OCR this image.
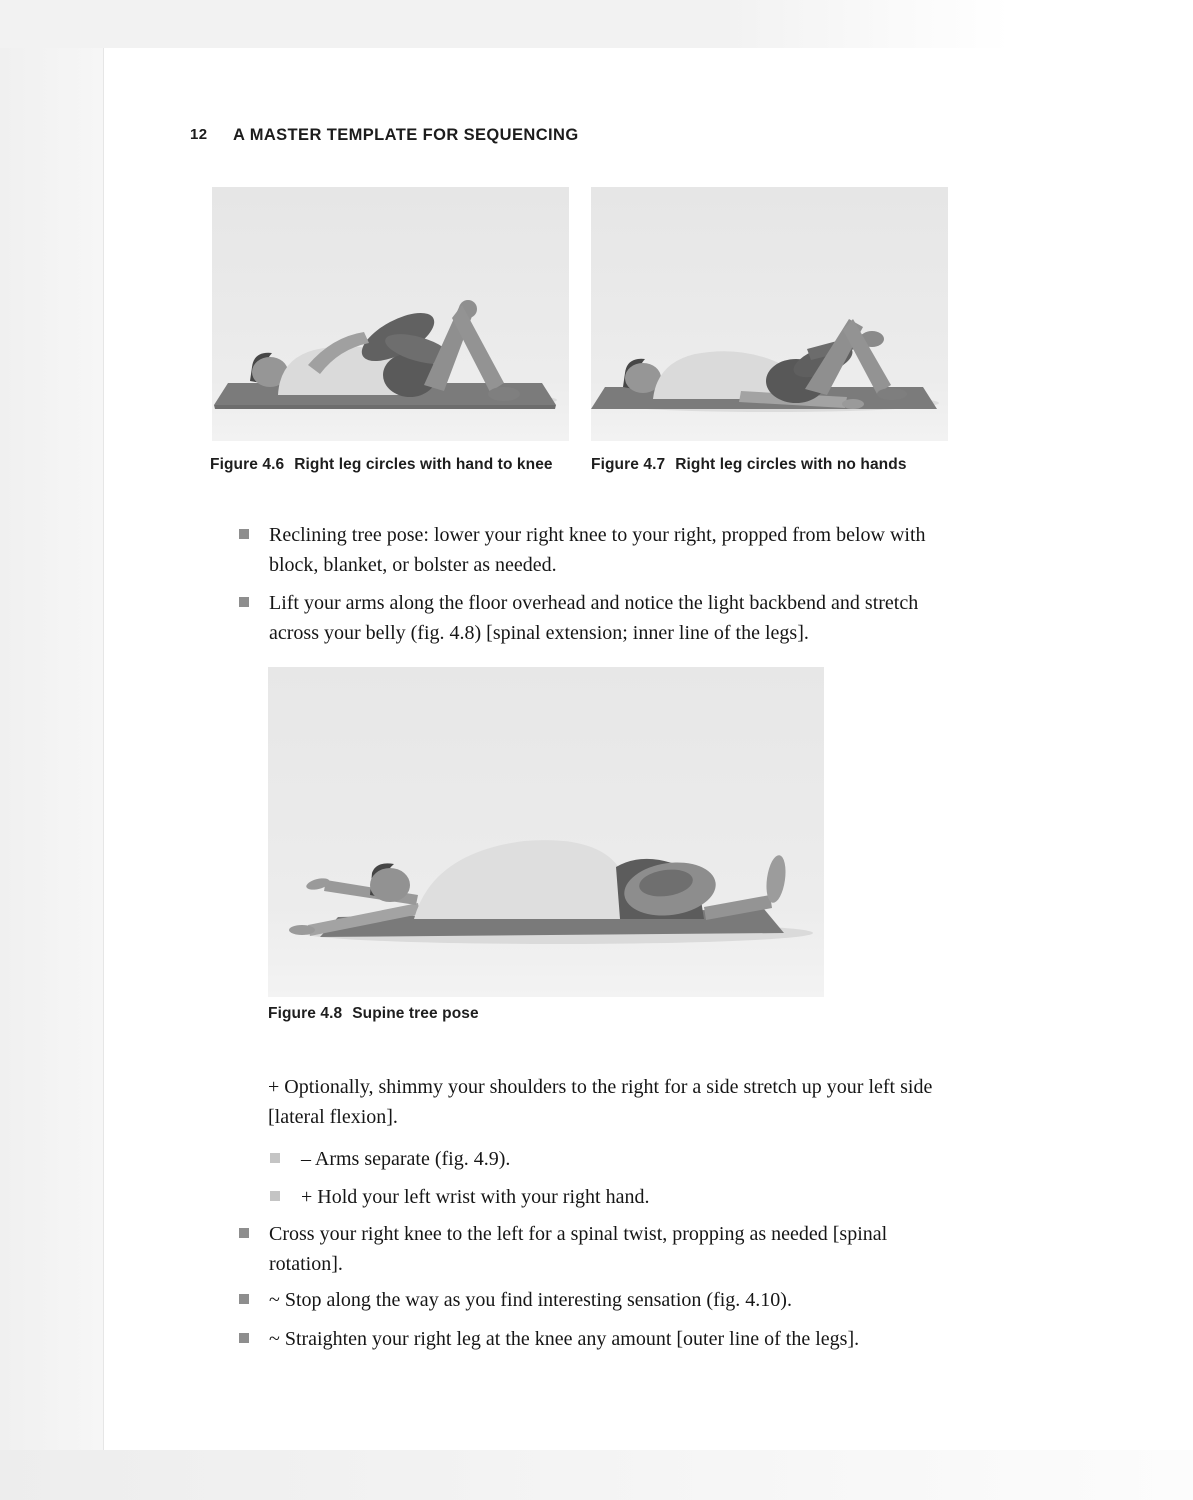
12 A MASTER TEMPLATE FOR SEQUENCING
Figure 4.6 Right leg circles with hand to knee Figure 4.7 Right leg circles with no hands
Reclining tree pose: lower your right knee to your right, propped from below with block, blanket, or bolster as needed.
Lift your arms along the floor overhead and notice the light backbend and stretch across your belly (fig. 4.8) [spinal extension; inner line of the legs].
Figure 4.8 Supine tree pose
+ Optionally, shimmy your shoulders to the right for a side stretch up your left side [lateral flexion].
– Arms separate (fig. 4.9).
+ Hold your left wrist with your right hand.
Cross your right knee to the left for a spinal twist, propping as needed [spinal rotation].
~ Stop along the way as you find interesting sensation (fig. 4.10).
~ Straighten your right leg at the knee any amount [outer line of the legs].
